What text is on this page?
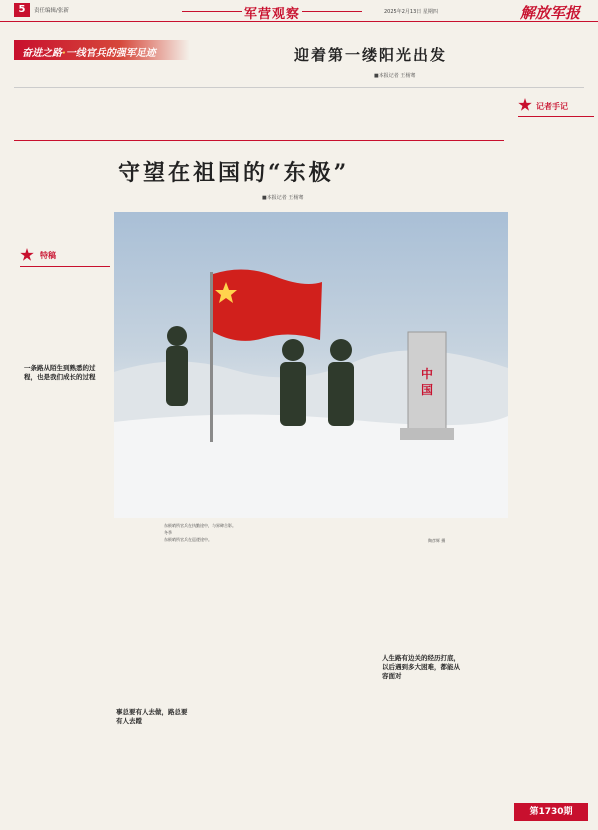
5	责任编辑/张新	军营观察	2025年2月13日 星期四	解放军报
奋进之路·一线官兵的强军足迹	迎着第一缕阳光出发
■本报记者 王杨骞

记者手记
守望在祖国的“东极”
■本报记者 王杨骞
特稿

一条路从陌生到熟悉的过程，也是我们成长的过程

	中
国
东极哨所官兵在执勤途中，与界碑合影。
冬季
东极哨所官兵在巡逻途中。	陶彦辉 摄

事总要有人去做，路总要有人去蹚

人生路有边关的经历打底，以后遇到多大困难，都能从容面对

第1730期
